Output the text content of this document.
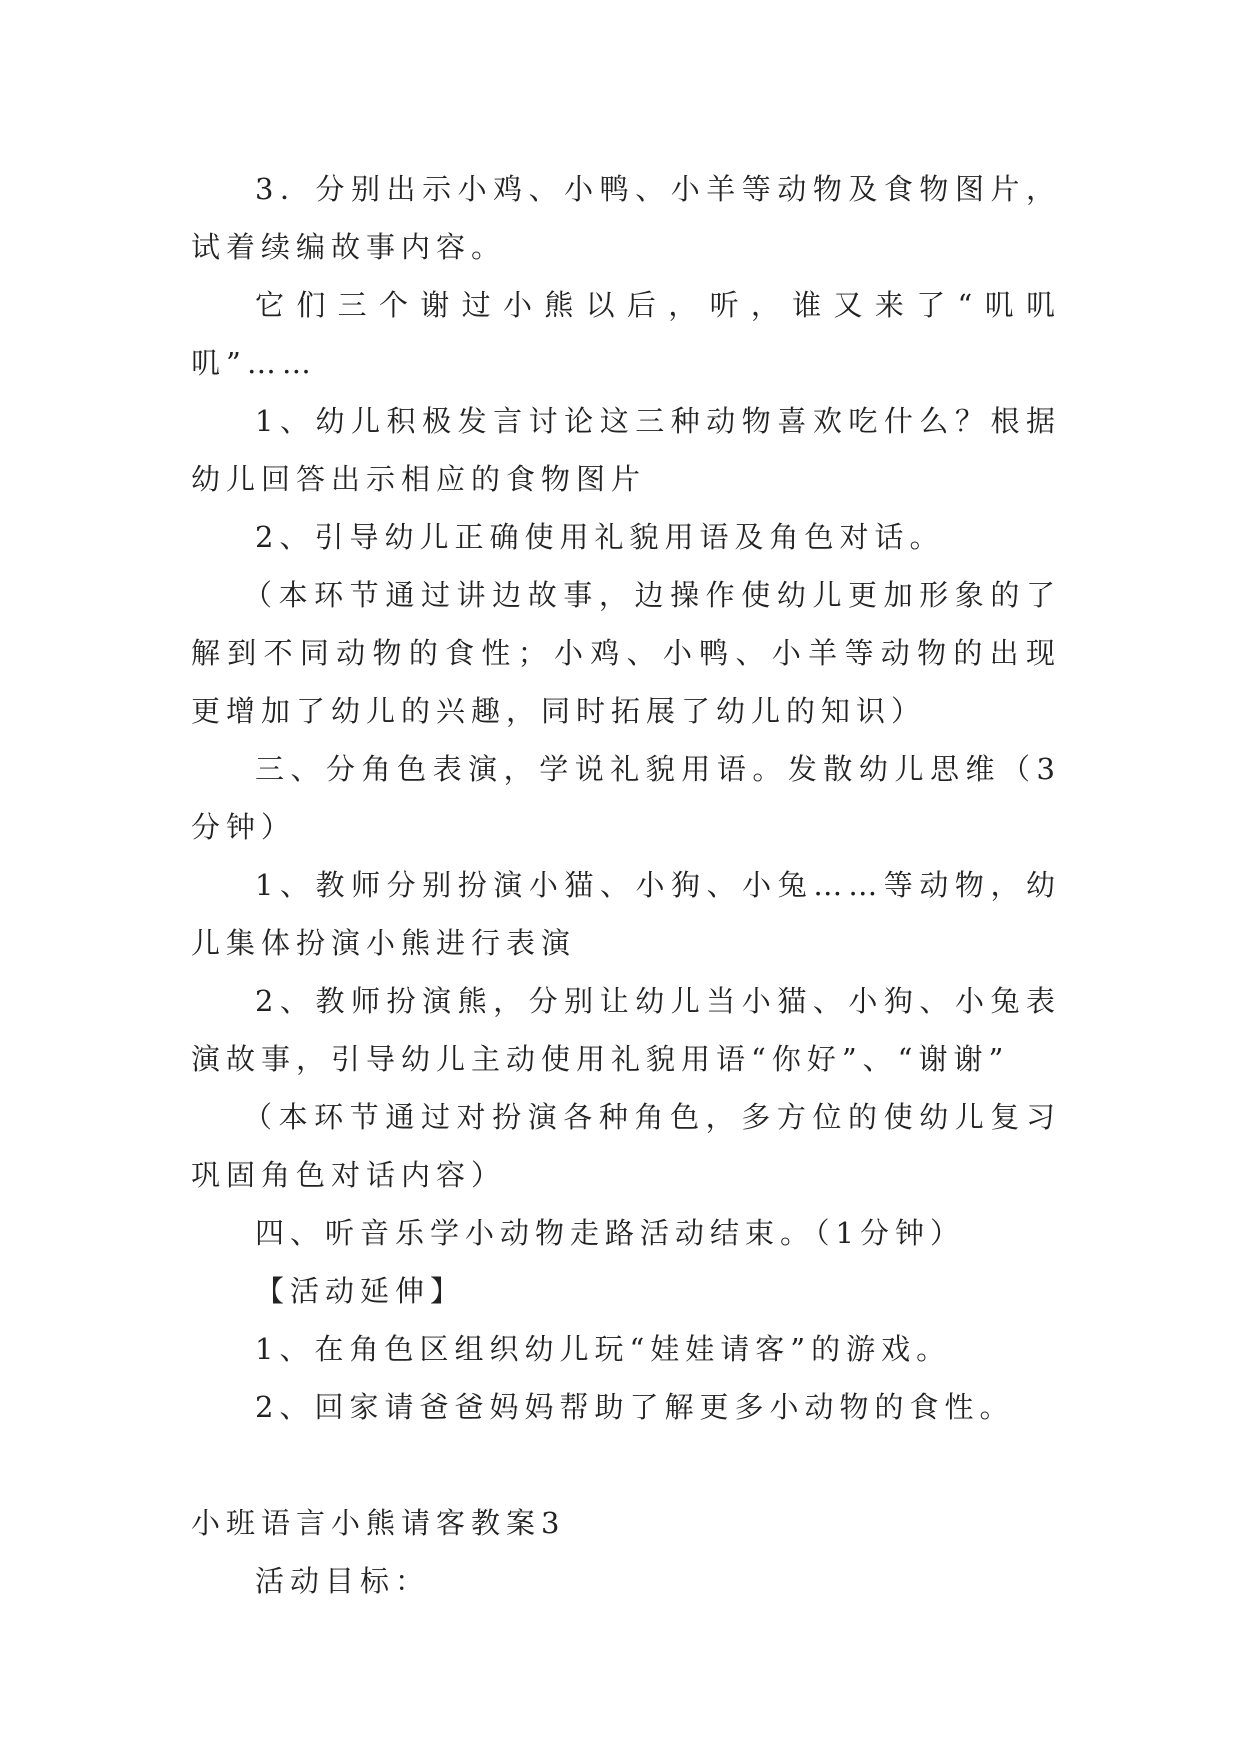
3．分别出示小鸡、小鸭、小羊等动物及食物图片，试着续编故事内容。

它们三个谢过小熊以后，听，谁又来了“叽叽叽”……

1、幼儿积极发言讨论这三种动物喜欢吃什么？根据幼儿回答出示相应的食物图片

2、引导幼儿正确使用礼貌用语及角色对话。

（本环节通过讲边故事，边操作使幼儿更加形象的了解到不同动物的食性；小鸡、小鸭、小羊等动物的出现更增加了幼儿的兴趣，同时拓展了幼儿的知识）

三、分角色表演，学说礼貌用语。发散幼儿思维（3分钟）

1、教师分别扮演小猫、小狗、小兔……等动物，幼儿集体扮演小熊进行表演

2、教师扮演熊，分别让幼儿当小猫、小狗、小兔表演故事，引导幼儿主动使用礼貌用语“你好”、“谢谢”

（本环节通过对扮演各种角色，多方位的使幼儿复习巩固角色对话内容）

四、听音乐学小动物走路活动结束。（1分钟）

【活动延伸】

1、在角色区组织幼儿玩“娃娃请客”的游戏。

2、回家请爸爸妈妈帮助了解更多小动物的食性。

小班语言小熊请客教案3

活动目标：
